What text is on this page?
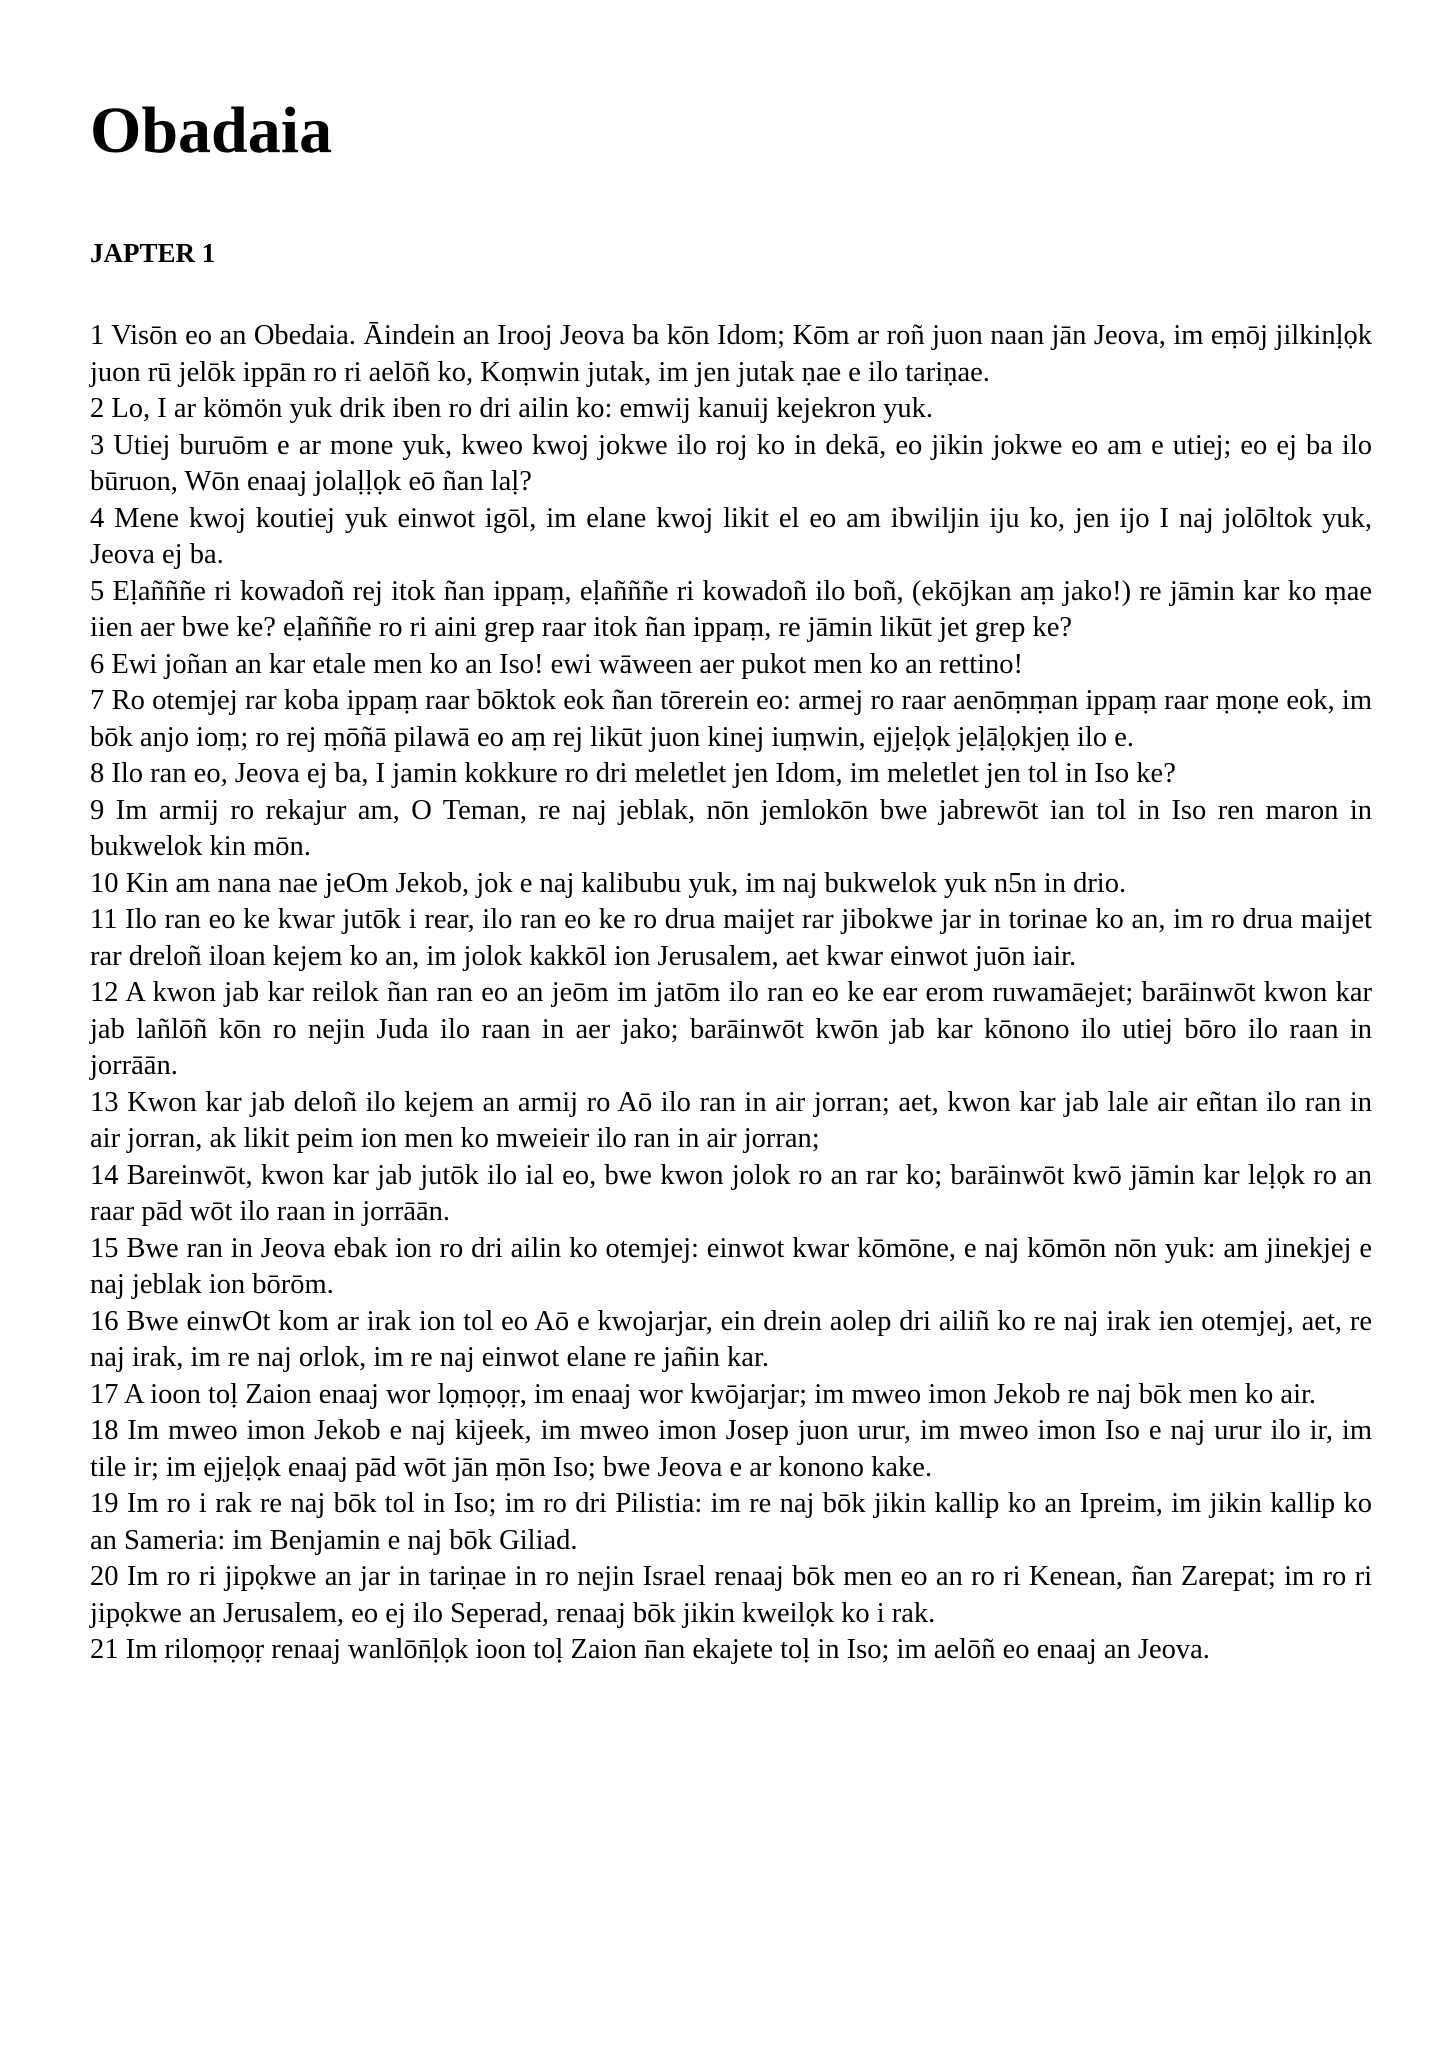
Obadaia
JAPTER 1

1 Visōn eo an Obedaia. Āindein an Irooj Jeova ba kōn Idom; Kōm ar roñ juon naan jān Jeova, im eṃōj jilkinḷọk juon rū jelōk ippān ro ri aelōñ ko, Koṃwin jutak, im jen jutak ṇae e ilo tariṇae.

2 Lo, I ar kömön yuk drik iben ro dri ailin ko: emwij kanuij kejekron yuk.

3 Utiej buruōm e ar mone yuk, kweo kwoj jokwe ilo roj ko in dekā, eo jikin jokwe eo am e utiej; eo ej ba ilo būruon, Wōn enaaj jolaḷḷọk eō ñan laḷ?

4 Mene kwoj koutiej yuk einwot igōl, im elane kwoj likit el eo am ibwiljin iju ko, jen ijo I naj jolōltok yuk, Jeova ej ba.

5 Eḷañññe ri kowadoñ rej itok ñan ippaṃ, eḷañññe ri kowadoñ ilo boñ, (ekōjkan aṃ jako!) re jāmin kar ko ṃae iien aer bwe ke? eḷañññe ro ri aini grep raar itok ñan ippaṃ, re jāmin likūt jet grep ke?

6 Ewi joñan an kar etale men ko an Iso! ewi wāween aer pukot men ko an rettino!

7 Ro otemjej rar koba ippaṃ raar bōktok eok ñan tōrerein eo: armej ro raar aenōṃṃan ippaṃ raar ṃoṇe eok, im bōk anjo ioṃ; ro rej ṃōñā pilawā eo aṃ rej likūt juon kinej iuṃwin, ejjeḷọk jeḷāḷọkjeṇ ilo e.

8 Ilo ran eo, Jeova ej ba, I jamin kokkure ro dri meletlet jen Idom, im meletlet jen tol in Iso ke?

9 Im armij ro rekajur am, O Teman, re naj jeblak, nōn jemlokōn bwe jabrewōt ian tol in Iso ren maron in bukwelok kin mōn.

10 Kin am nana nae jeOm Jekob, jok e naj kalibubu yuk, im naj bukwelok yuk n5n in drio.

11 Ilo ran eo ke kwar jutōk i rear, ilo ran eo ke ro drua maijet rar jibokwe jar in torinae ko an, im ro drua maijet rar dreloñ iloan kejem ko an, im jolok kakkōl ion Jerusalem, aet kwar einwot juōn iair.

12 A kwon jab kar reilok ñan ran eo an jeōm im jatōm ilo ran eo ke ear erom ruwamāejet; barāinwōt kwon kar jab lañlōñ kōn ro nejin Juda ilo raan in aer jako; barāinwōt kwōn jab kar kōnono ilo utiej bōro ilo raan in jorrāān.

13 Kwon kar jab deloñ ilo kejem an armij ro Aō ilo ran in air jorran; aet, kwon kar jab lale air eñtan ilo ran in air jorran, ak likit peim ion men ko mweieir ilo ran in air jorran;

14 Bareinwōt, kwon kar jab jutōk ilo ial eo, bwe kwon jolok ro an rar ko; barāinwōt kwō jāmin kar leḷọk ro an raar pād wōt ilo raan in jorrāān.

15 Bwe ran in Jeova ebak ion ro dri ailin ko otemjej: einwot kwar kōmōne, e naj kōmōn nōn yuk: am jinekjej e naj jeblak ion bōrōm.

16 Bwe einwOt kom ar irak ion tol eo Aō e kwojarjar, ein drein aolep dri ailiñ ko re naj irak ien otemjej, aet, re naj irak, im re naj orlok, im re naj einwot elane re jañin kar.

17 A ioon toḷ Zaion enaaj wor lọṃọọṛ, im enaaj wor kwōjarjar; im mweo imon Jekob re naj bōk men ko air.

18 Im mweo imon Jekob e naj kijeek, im mweo imon Josep juon urur, im mweo imon Iso e naj urur ilo ir, im tile ir; im ejjeḷọk enaaj pād wōt jān ṃōn Iso; bwe Jeova e ar konono kake.

19 Im ro i rak re naj bōk tol in Iso; im ro dri Pilistia: im re naj bōk jikin kallip ko an Ipreim, im jikin kallip ko an Sameria: im Benjamin e naj bōk Giliad.

20 Im ro ri jipọkwe an jar in tariṇae in ro nejin Israel renaaj bōk men eo an ro ri Kenean, ñan Zarepat; im ro ri jipọkwe an Jerusalem, eo ej ilo Seperad, renaaj bōk jikin kweilọk ko i rak.

21 Im riloṃọọṛ renaaj wanlōn̄ḷọk ioon toḷ Zaion n̄an ekajete toḷ in Iso; im aelōñ eo enaaj an Jeova.
